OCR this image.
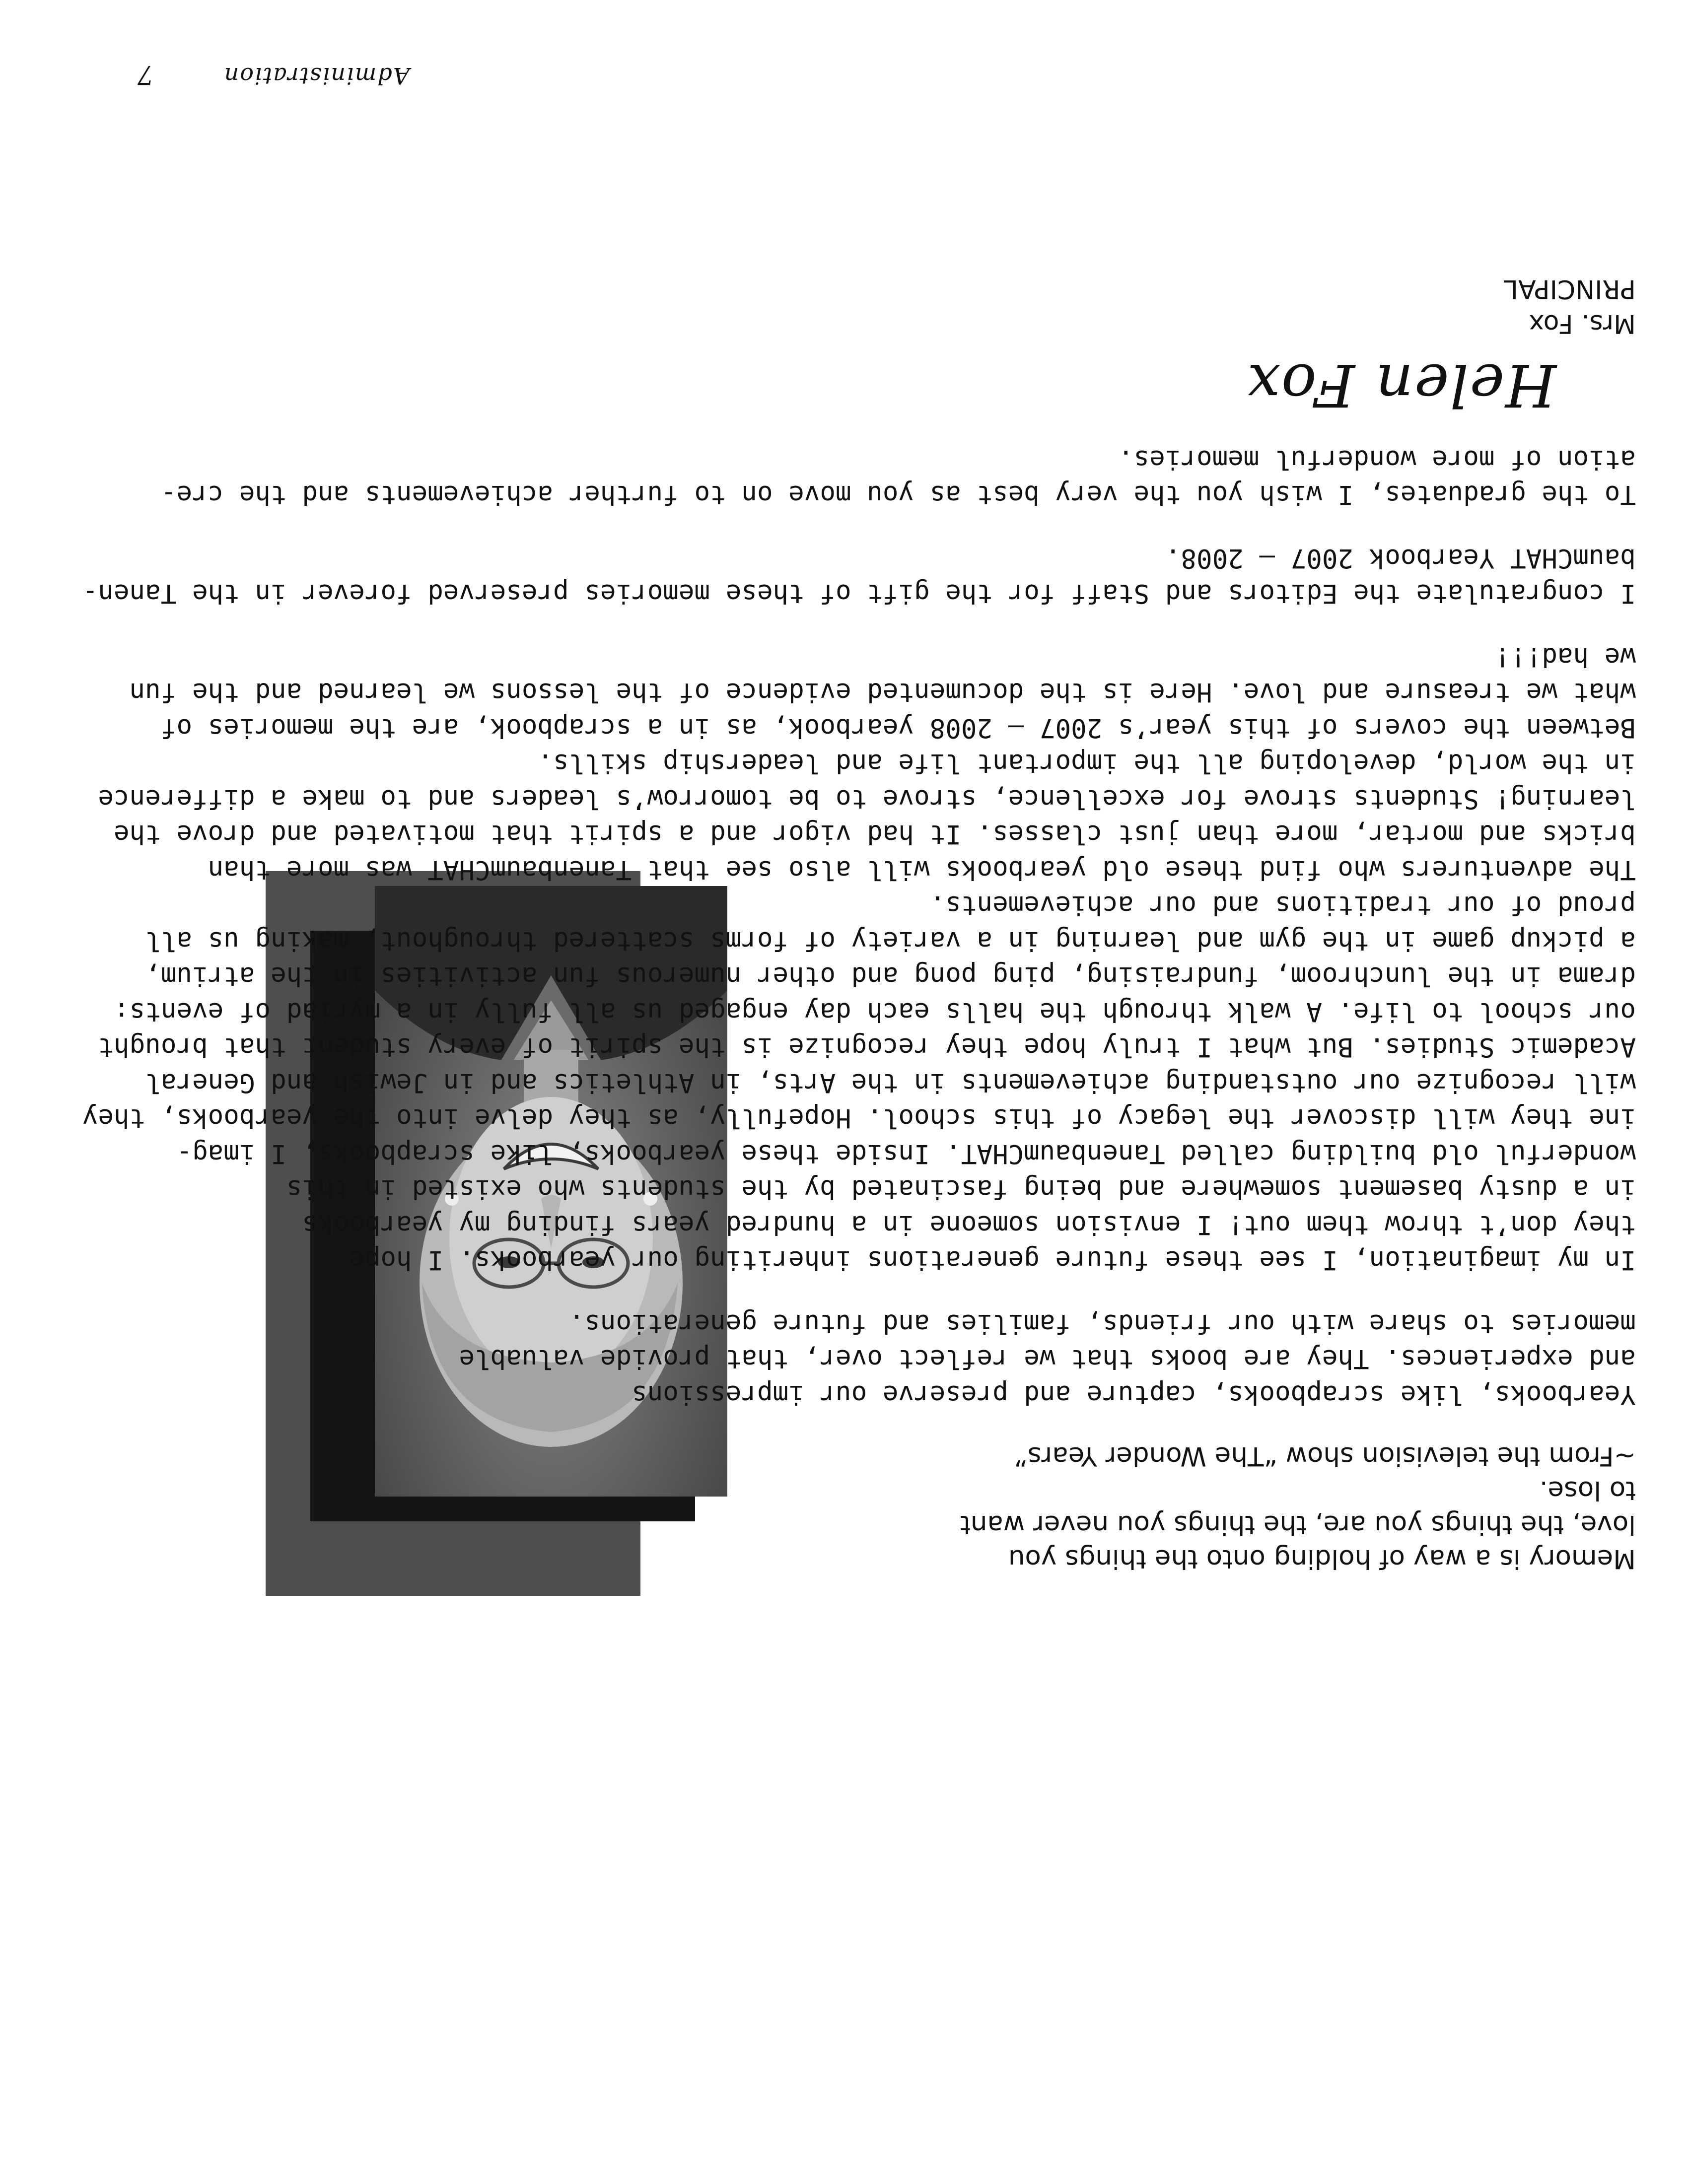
Memory is a way of holding onto the things you
love, the things you are, the things you never want
to lose.
~From the television show “The Wonder Years”

Yearbooks, like scrapbooks, capture and preserve our impressions
and experiences. They are books that we reflect over, that provide valuable
memories to share with our friends, families and future generations.

In my imagination, I see these future generations inheriting our yearbooks. I hope
they don’t throw them out! I envision someone in a hundred years finding my yearbooks
in a dusty basement somewhere and being fascinated by the students who existed in this
wonderful old building called TanenbaumCHAT. Inside these yearbooks, like scrapbooks, I imag-
ine they will discover the legacy of this school. Hopefully, as they delve into the yearbooks, they
will recognize our outstanding achievements in the Arts, in Athletics and in Jewish and General
Academic Studies. But what I truly hope they recognize is the spirit of every student that brought
our school to life. A walk through the halls each day engaged us all fully in a myriad of events:
drama in the lunchroom, fundraising, ping pong and other numerous fun activities in the atrium,
a pickup game in the gym and learning in a variety of forms scattered throughout, making us all
proud of our traditions and our achievements.
The adventurers who find these old yearbooks will also see that TanenbaumCHAT was more than
bricks and mortar, more than just classes. It had vigor and a spirit that motivated and drove the
learning! Students strove for excellence, strove to be tomorrow’s leaders and to make a difference
in the world, developing all the important life and leadership skills.
Between the covers of this year’s 2007 – 2008 yearbook, as in a scrapbook, are the memories of
what we treasure and love. Here is the documented evidence of the lessons we learned and the fun
we had!!!

I congratulate the Editors and Staff for the gift of these memories preserved forever in the Tanen-
baumCHAT Yearbook 2007 – 2008.

To the graduates, I wish you the very best as you move on to further achievements and the cre-
ation of more wonderful memories.

Helen Fox
Mrs. Fox
PRINCIPAL
Administration
7
